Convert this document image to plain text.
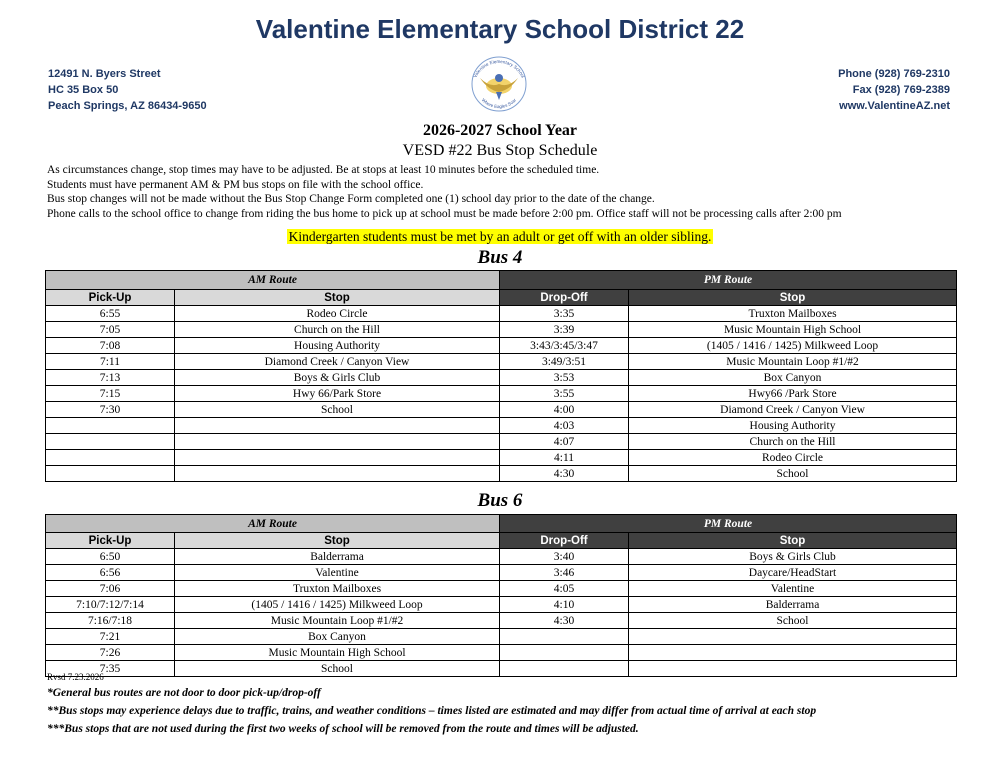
Valentine Elementary School District 22
12491 N. Byers Street
HC 35 Box 50
Peach Springs, AZ 86434-9650
Valentine Elementary School
Where Eagles Soar
Phone (928) 769-2310
Fax (928) 769-2389
www.ValentineAZ.net
2026-2027 School Year
VESD #22 Bus Stop Schedule
As circumstances change, stop times may have to be adjusted. Be at stops at least 10 minutes before the scheduled time.
Students must have permanent AM & PM bus stops on file with the school office.
Bus stop changes will not be made without the Bus Stop Change Form completed one (1) school day prior to the date of the change.
Phone calls to the school office to change from riding the bus home to pick up at school must be made before 2:00 pm. Office staff will not be processing calls after 2:00 pm
Kindergarten students must be met by an adult or get off with an older sibling.
Bus 4
AM Route		PM Route	
Pick-Up	Stop	Drop-Off	Stop
6:55	Rodeo Circle	3:35	Truxton Mailboxes
7:05	Church on the Hill	3:39	Music Mountain High School
7:08	Housing Authority	3:43/3:45/3:47	(1405 / 1416 / 1425) Milkweed Loop
7:11	Diamond Creek / Canyon View	3:49/3:51	Music Mountain Loop #1/#2
7:13	Boys & Girls Club	3:53	Box Canyon
7:15	Hwy 66/Park Store	3:55	Hwy66 /Park Store
7:30	School	4:00	Diamond Creek / Canyon View
		4:03	Housing Authority
		4:07	Church on the Hill
		4:11	Rodeo Circle
		4:30	School
Bus 6
AM Route		PM Route	
Pick-Up	Stop	Drop-Off	Stop
6:50	Balderrama	3:40	Boys & Girls Club
6:56	Valentine	3:46	Daycare/HeadStart
7:06	Truxton Mailboxes	4:05	Valentine
7:10/7:12/7:14	(1405 / 1416 / 1425) Milkweed Loop	4:10	Balderrama
7:16/7:18	Music Mountain Loop #1/#2	4:30	School
7:21	Box Canyon		
7:26	Music Mountain High School		
7:35	School		
Rvsd 7.23.2026
*General bus routes are not door to door pick-up/drop-off
**Bus stops may experience delays due to traffic, trains, and weather conditions – times listed are estimated and may differ from actual time of arrival at each stop
***Bus stops that are not used during the first two weeks of school will be removed from the route and times will be adjusted.
